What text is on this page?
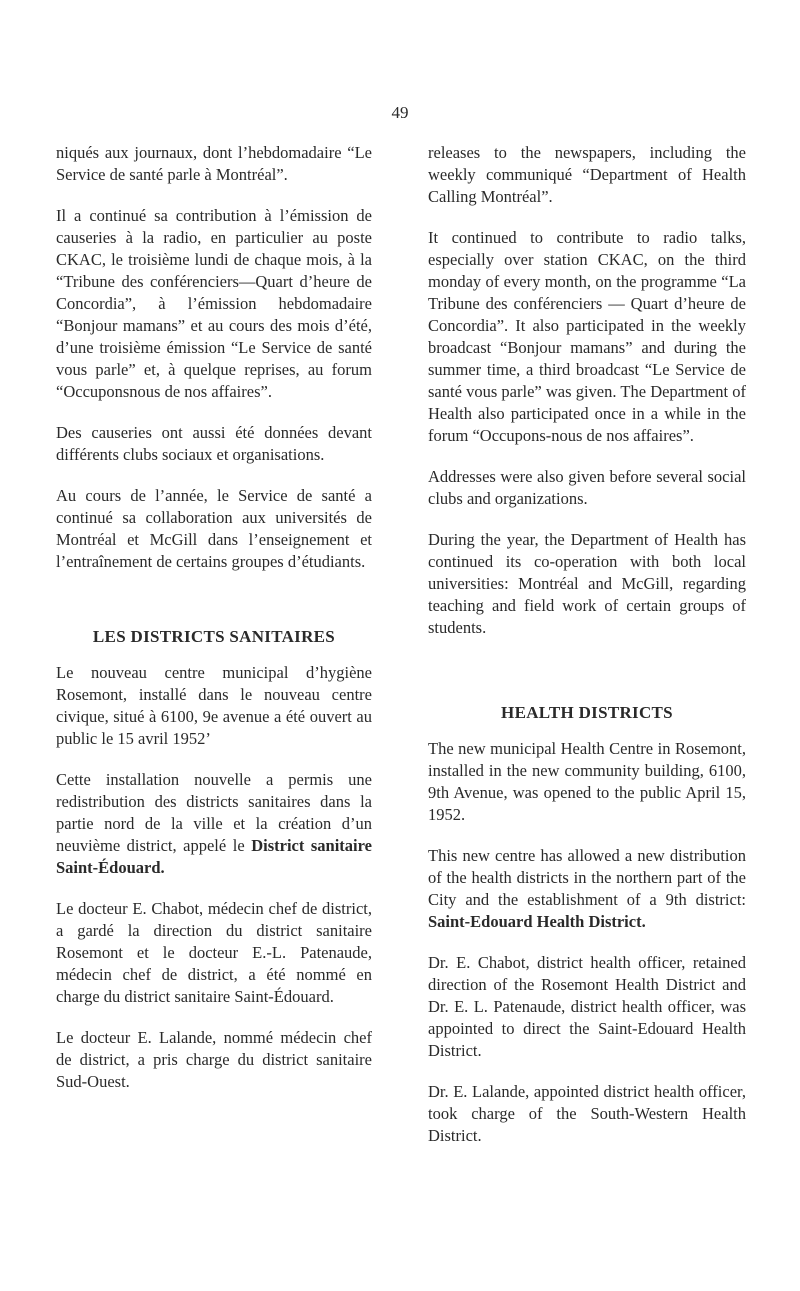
49

niqués aux journaux, dont l’hebdomadaire “Le Service de santé parle à Montréal”.

Il a continué sa contribution à l’émission de causeries à la radio, en particulier au poste CKAC, le troisième lundi de chaque mois, à la “Tribune des conférenciers—Quart d’heure de Concordia”, à l’émission hebdomadaire “Bonjour mamans” et au cours des mois d’été, d’une troisième émission “Le Service de santé vous parle” et, à quelque reprises, au forum “Occuponsnous de nos affaires”.

Des causeries ont aussi été données devant différents clubs sociaux et organisations.

Au cours de l’année, le Service de santé a continué sa collaboration aux universités de Montréal et McGill dans l’enseignement et l’entraînement de certains groupes d’étudiants.

LES DISTRICTS SANITAIRES

Le nouveau centre municipal d’hygiène Rosemont, installé dans le nouveau centre civique, situé à 6100, 9e avenue a été ouvert au public le 15 avril 1952’

Cette installation nouvelle a permis une redistribution des districts sanitaires dans la partie nord de la ville et la création d’un neuvième district, appelé le District sanitaire Saint-Édouard.

Le docteur E. Chabot, médecin chef de district, a gardé la direction du district sanitaire Rosemont et le docteur E.-L. Patenaude, médecin chef de district, a été nommé en charge du district sanitaire Saint-Édouard.

Le docteur E. Lalande, nommé médecin chef de district, a pris charge du district sanitaire Sud-Ouest.

releases to the newspapers, including the weekly communiqué “Department of Health Calling Montréal”.

It continued to contribute to radio talks, especially over station CKAC, on the third monday of every month, on the programme “La Tribune des conférenciers — Quart d’heure de Concordia”. It also participated in the weekly broadcast “Bonjour mamans” and during the summer time, a third broadcast “Le Service de santé vous parle” was given. The Department of Health also participated once in a while in the forum “Occupons-nous de nos affaires”.

Addresses were also given before several social clubs and organizations.

During the year, the Department of Health has continued its co-operation with both local universities: Montréal and McGill, regarding teaching and field work of certain groups of students.

HEALTH DISTRICTS

The new municipal Health Centre in Rosemont, installed in the new community building, 6100, 9th Avenue, was opened to the public April 15, 1952.

This new centre has allowed a new distribution of the health districts in the northern part of the City and the establishment of a 9th district: Saint-Edouard Health District.

Dr. E. Chabot, district health officer, retained direction of the Rosemont Health District and Dr. E. L. Patenaude, district health officer, was appointed to direct the Saint-Edouard Health District.

Dr. E. Lalande, appointed district health officer, took charge of the South-Western Health District.
